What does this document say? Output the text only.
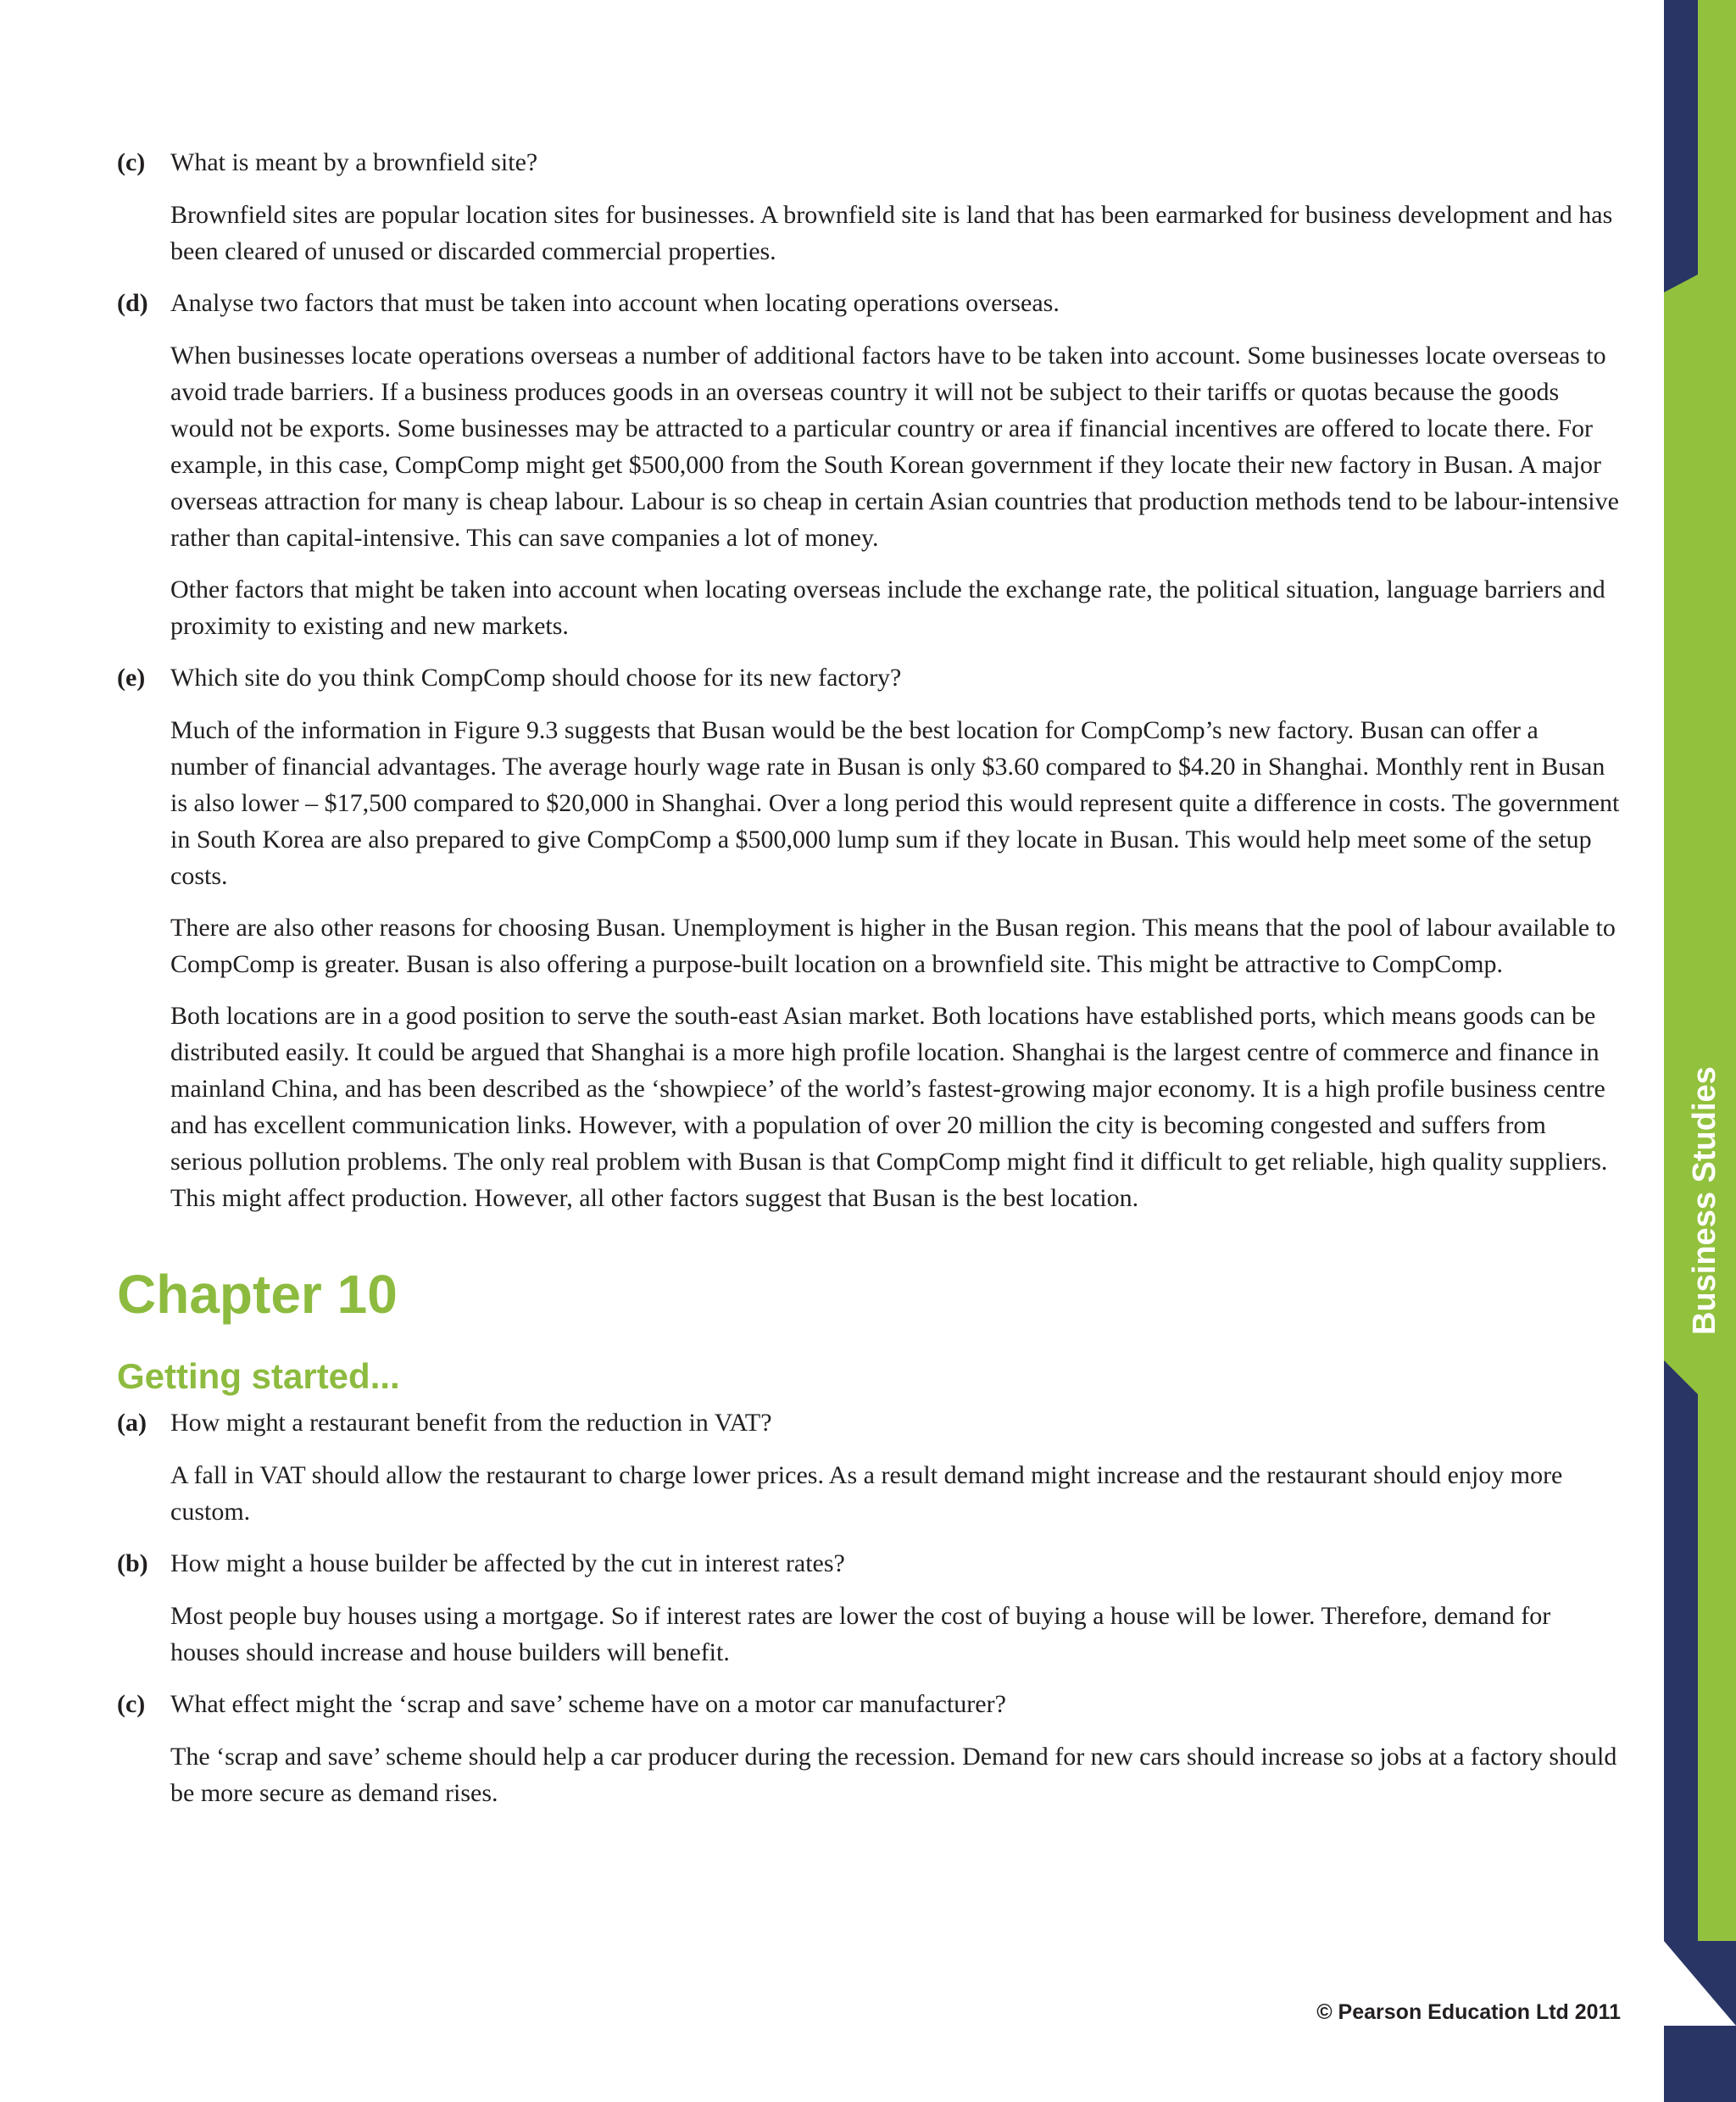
Business Studies
17
© Pearson Education Ltd 2011
(c) What is meant by a brownfield site?

Brownfield sites are popular location sites for businesses. A brownfield site is land that has been earmarked for business development and has been cleared of unused or discarded commercial properties.

(d) Analyse two factors that must be taken into account when locating operations overseas.

When businesses locate operations overseas a number of additional factors have to be taken into account. Some businesses locate overseas to avoid trade barriers. If a business produces goods in an overseas country it will not be subject to their tariffs or quotas because the goods would not be exports. Some businesses may be attracted to a particular country or area if financial incentives are offered to locate there. For example, in this case, CompComp might get $500,000 from the South Korean government if they locate their new factory in Busan. A major overseas attraction for many is cheap labour. Labour is so cheap in certain Asian countries that production methods tend to be labour-intensive rather than capital-intensive. This can save companies a lot of money.

Other factors that might be taken into account when locating overseas include the exchange rate, the political situation, language barriers and proximity to existing and new markets.

(e) Which site do you think CompComp should choose for its new factory?

Much of the information in Figure 9.3 suggests that Busan would be the best location for CompComp’s new factory. Busan can offer a number of financial advantages. The average hourly wage rate in Busan is only $3.60 compared to $4.20 in Shanghai. Monthly rent in Busan is also lower – $17,500 compared to $20,000 in Shanghai. Over a long period this would represent quite a difference in costs. The government in South Korea are also prepared to give CompComp a $500,000 lump sum if they locate in Busan. This would help meet some of the setup costs.

There are also other reasons for choosing Busan. Unemployment is higher in the Busan region. This means that the pool of labour available to CompComp is greater. Busan is also offering a purpose-built location on a brownfield site. This might be attractive to CompComp.

Both locations are in a good position to serve the south-east Asian market. Both locations have established ports, which means goods can be distributed easily. It could be argued that Shanghai is a more high profile location. Shanghai is the largest centre of commerce and finance in mainland China, and has been described as the ‘showpiece’ of the world’s fastest-growing major economy. It is a high profile business centre and has excellent communication links. However, with a population of over 20 million the city is becoming congested and suffers from serious pollution problems. The only real problem with Busan is that CompComp might find it difficult to get reliable, high quality suppliers. This might affect production. However, all other factors suggest that Busan is the best location.

Chapter 10
Getting started...
(a) How might a restaurant benefit from the reduction in VAT?

A fall in VAT should allow the restaurant to charge lower prices. As a result demand might increase and the restaurant should enjoy more custom.

(b) How might a house builder be affected by the cut in interest rates?

Most people buy houses using a mortgage. So if interest rates are lower the cost of buying a house will be lower. Therefore, demand for houses should increase and house builders will benefit.

(c) What effect might the ‘scrap and save’ scheme have on a motor car manufacturer?

The ‘scrap and save’ scheme should help a car producer during the recession. Demand for new cars should increase so jobs at a factory should be more secure as demand rises.
